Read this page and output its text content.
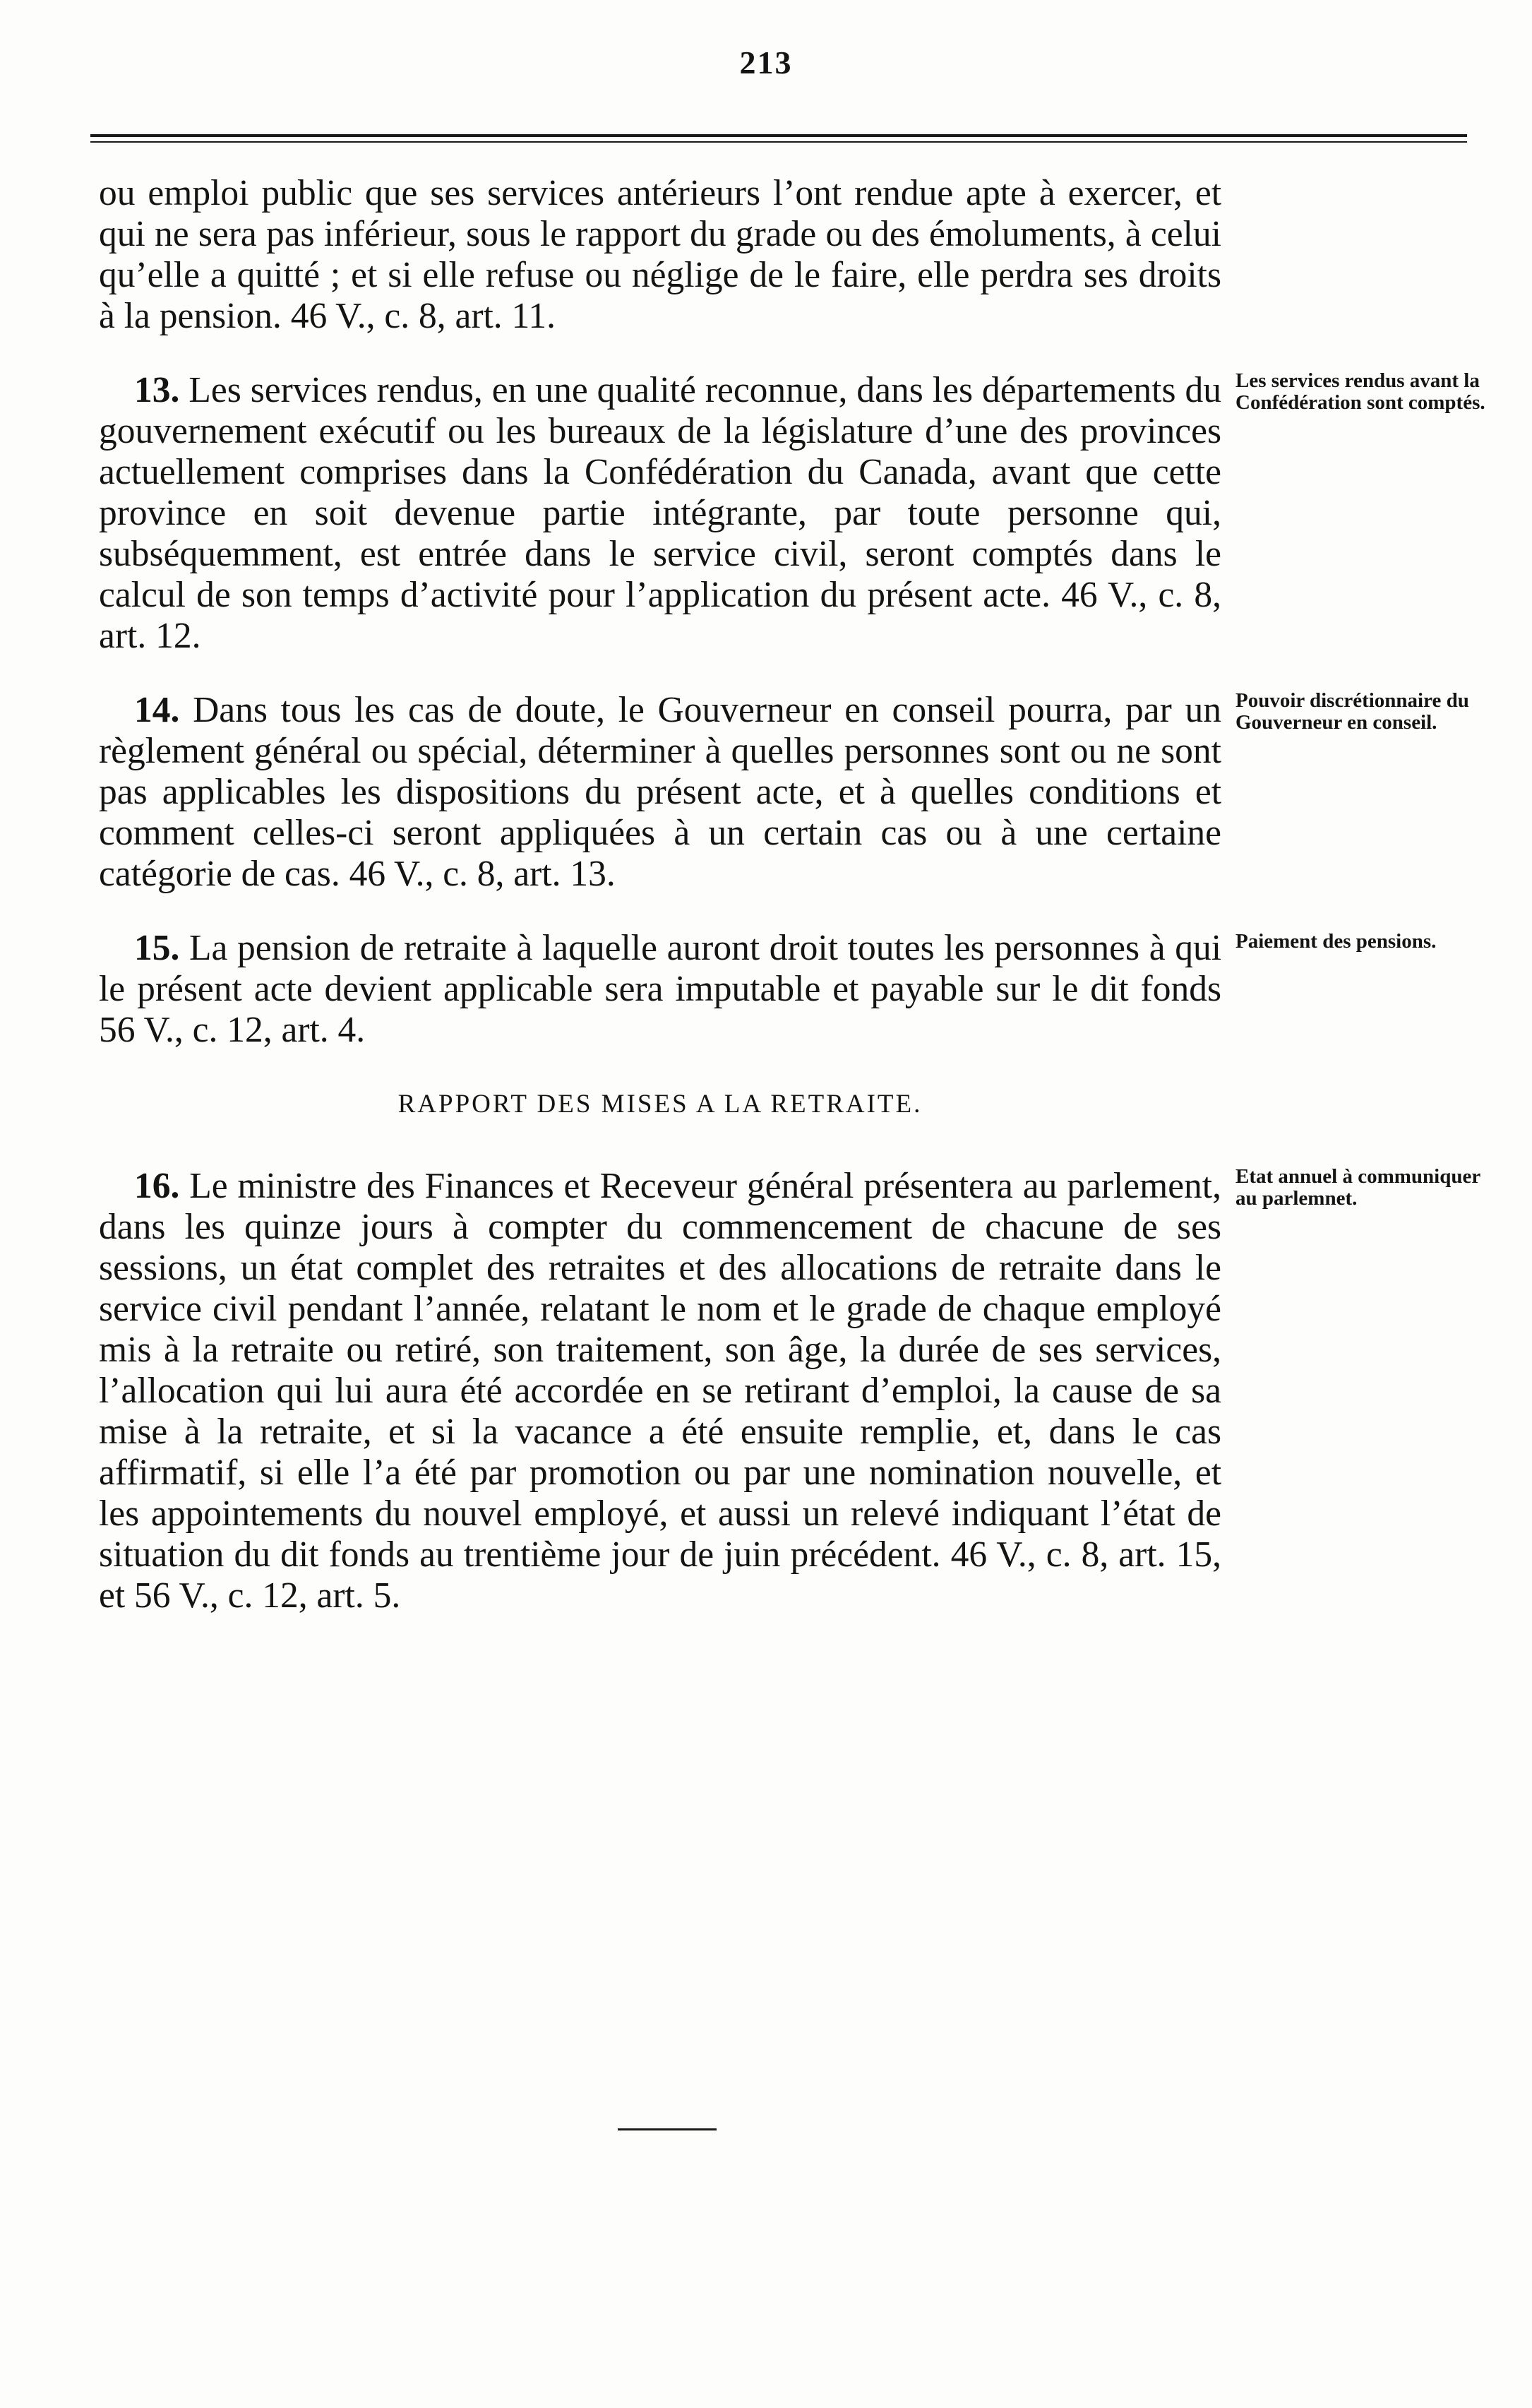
213

ou emploi public que ses services antérieurs l’ont rendue apte à exercer, et qui ne sera pas inférieur, sous le rapport du grade ou des émoluments, à celui qu’elle a quitté ; et si elle refuse ou néglige de le faire, elle perdra ses droits à la pension. 46 V., c. 8, art. 11.

Les services rendus avant la Confédération sont comptés.
13. Les services rendus, en une qualité reconnue, dans les départements du gouvernement exécutif ou les bureaux de la législature d’une des provinces actuellement comprises dans la Confédération du Canada, avant que cette province en soit devenue partie intégrante, par toute personne qui, subséquemment, est entrée dans le service civil, seront comptés dans le calcul de son temps d’activité pour l’application du présent acte. 46 V., c. 8, art. 12.

Pouvoir discrétionnaire du Gouverneur en conseil.
14. Dans tous les cas de doute, le Gouverneur en conseil pourra, par un règlement général ou spécial, déterminer à quelles personnes sont ou ne sont pas applicables les dispositions du présent acte, et à quelles conditions et comment celles-ci seront appliquées à un certain cas ou à une certaine catégorie de cas. 46 V., c. 8, art. 13.

Paiement des pensions.
15. La pension de retraite à laquelle auront droit toutes les personnes à qui le présent acte devient applicable sera imputable et payable sur le dit fonds 56 V., c. 12, art. 4.

RAPPORT DES MISES A LA RETRAITE.

Etat annuel à communiquer au parlemnet.
16. Le ministre des Finances et Receveur général présentera au parlement, dans les quinze jours à compter du commencement de chacune de ses sessions, un état complet des retraites et des allocations de retraite dans le service civil pendant l’année, relatant le nom et le grade de chaque employé mis à la retraite ou retiré, son traitement, son âge, la durée de ses services, l’allocation qui lui aura été accordée en se retirant d’emploi, la cause de sa mise à la retraite, et si la vacance a été ensuite remplie, et, dans le cas affirmatif, si elle l’a été par promotion ou par une nomination nouvelle, et les appointements du nouvel employé, et aussi un relevé indiquant l’état de situation du dit fonds au trentième jour de juin précédent. 46 V., c. 8, art. 15, et 56 V., c. 12, art. 5.
